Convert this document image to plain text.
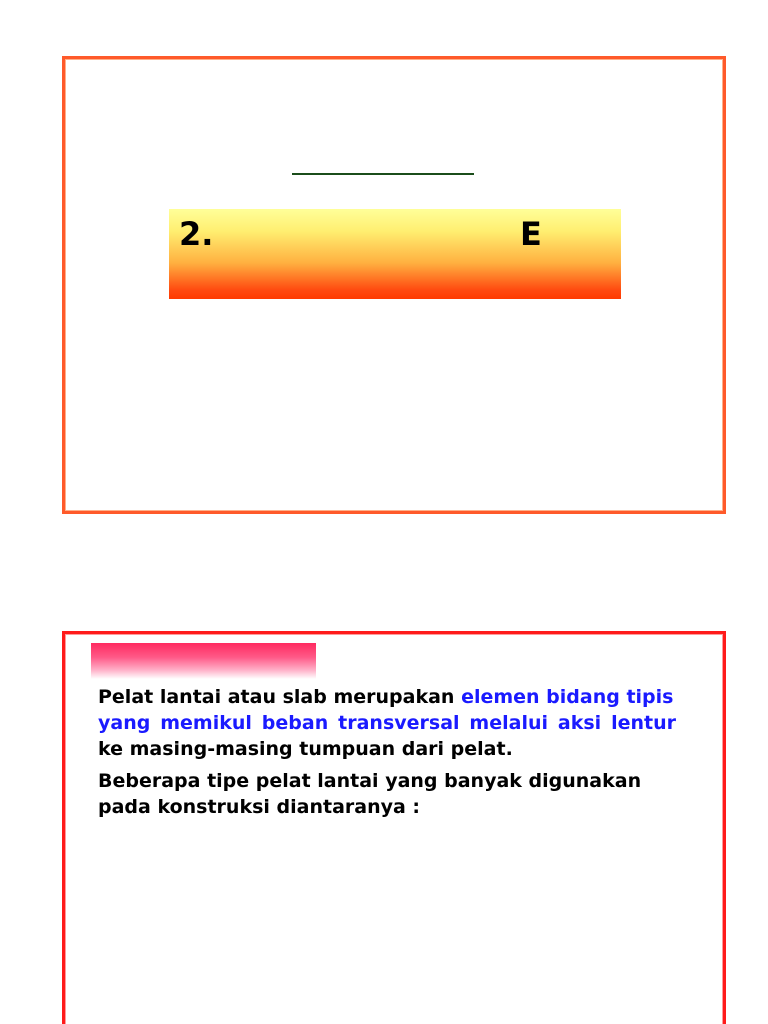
2.	E

Pelat lantai atau slab merupakan elemen bidang tipis
yang memikul beban transversal melalui aksi lentur
ke masing-masing tumpuan dari pelat.

Beberapa tipe pelat lantai yang banyak digunakan
pada konstruksi diantaranya :
